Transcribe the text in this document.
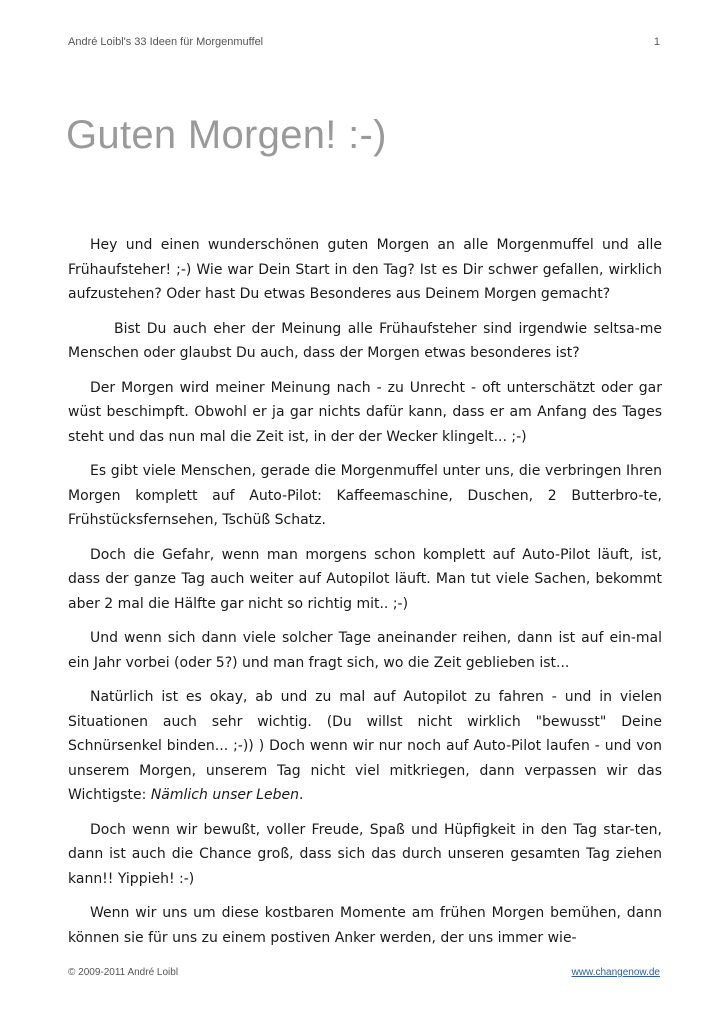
André Loibl's 33 Ideen für Morgenmuffel	1
Guten Morgen! :-)

Hey und einen wunderschönen guten Morgen an alle Morgenmuffel und alle Frühaufsteher! ;-) Wie war Dein Start in den Tag? Ist es Dir schwer gefallen, wirklich aufzustehen? Oder hast Du etwas Besonderes aus Deinem Morgen gemacht?

Bist Du auch eher der Meinung alle Frühaufsteher sind irgendwie seltsa-me Menschen oder glaubst Du auch, dass der Morgen etwas besonderes ist?

Der Morgen wird meiner Meinung nach - zu Unrecht - oft unterschätzt oder gar wüst beschimpft. Obwohl er ja gar nichts dafür kann, dass er am Anfang des Tages steht und das nun mal die Zeit ist, in der der Wecker klingelt... ;-)

Es gibt viele Menschen, gerade die Morgenmuffel unter uns, die verbringen Ihren Morgen komplett auf Auto-Pilot: Kaffeemaschine, Duschen, 2 Butterbro-te, Frühstücksfernsehen, Tschüß Schatz.

Doch die Gefahr, wenn man morgens schon komplett auf Auto-Pilot läuft, ist, dass der ganze Tag auch weiter auf Autopilot läuft. Man tut viele Sachen, bekommt aber 2 mal die Hälfte gar nicht so richtig mit.. ;-)

Und wenn sich dann viele solcher Tage aneinander reihen, dann ist auf ein-mal ein Jahr vorbei (oder 5?) und man fragt sich, wo die Zeit geblieben ist...

Natürlich ist es okay, ab und zu mal auf Autopilot zu fahren - und in vielen Situationen auch sehr wichtig. (Du willst nicht wirklich "bewusst" Deine Schnürsenkel binden... ;-)) ) Doch wenn wir nur noch auf Auto-Pilot laufen - und von unserem Morgen, unserem Tag nicht viel mitkriegen, dann verpassen wir das Wichtigste: Nämlich unser Leben.

Doch wenn wir bewußt, voller Freude, Spaß und Hüpfigkeit in den Tag star-ten, dann ist auch die Chance groß, dass sich das durch unseren gesamten Tag ziehen kann!! Yippieh! :-)

Wenn wir uns um diese kostbaren Momente am frühen Morgen bemühen, dann können sie für uns zu einem postiven Anker werden, der uns immer wie-

© 2009-2011 André Loibl	www.changenow.de
